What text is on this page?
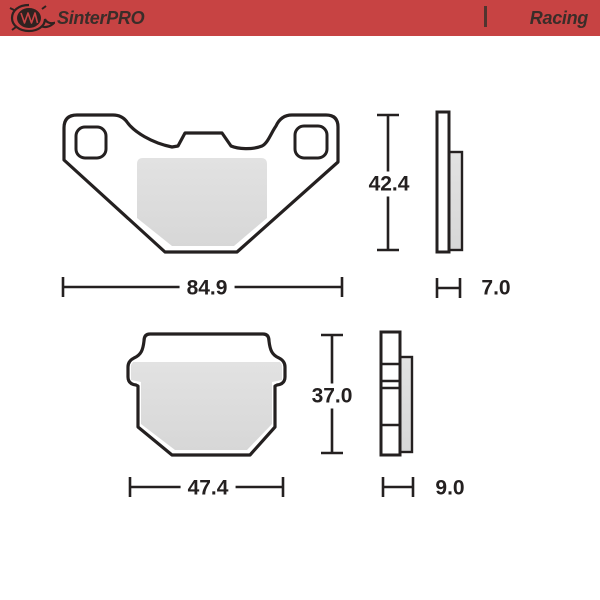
SinterPRO	Racing
42.4
84.9	7.0
37.0
47.4	9.0
